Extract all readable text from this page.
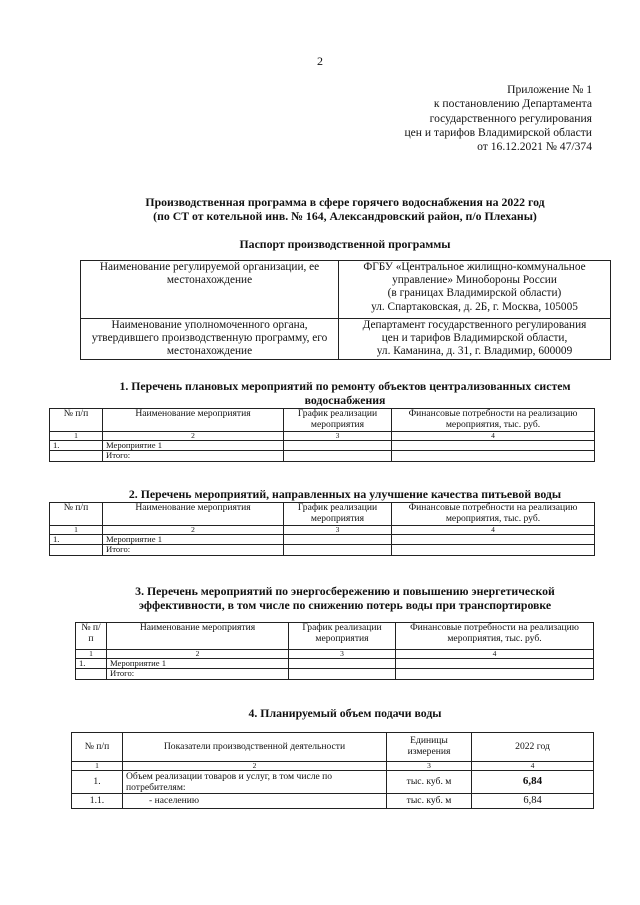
2
Приложение № 1
к постановлению Департамента
государственного регулирования
цен и тарифов Владимирской области
от 16.12.2021 № 47/374
Производственная программа в сфере горячего водоснабжения на 2022 год
(по СТ от котельной инв. № 164, Александровский район, п/о Плеханы)
Паспорт производственной программы
Наименование регулируемой организации, ее местонахождение	ФГБУ «Центральное жилищно-коммунальное
управление» Минобороны России
(в границах Владимирской области)
ул. Спартаковская, д. 2Б, г. Москва, 105005

Наименование уполномоченного органа, утвердившего производственную программу, его местонахождение	Департамент государственного регулирования
цен и тарифов Владимирской области,
ул. Каманина, д. 31, г. Владимир, 600009
1. Перечень плановых мероприятий по ремонту объектов централизованных систем
водоснабжения
№ п/п	Наименование мероприятия	График реализации мероприятия	Финансовые потребности на реализацию мероприятия, тыс. руб.
1	2	3	4
1.	Мероприятие 1		
	Итого:		
2. Перечень мероприятий, направленных на улучшение качества питьевой воды
№ п/п	Наименование мероприятия	График реализации мероприятия	Финансовые потребности на реализацию мероприятия, тыс. руб.
1	2	3	4
1.	Мероприятие 1		
	Итого:		
3. Перечень мероприятий по энергосбережению и повышению энергетической
эффективности, в том числе по снижению потерь воды при транспортировке
№ п/п	Наименование мероприятия	График реализации мероприятия	Финансовые потребности на реализацию мероприятия, тыс. руб.
1	2	3	4
1.	Мероприятие 1		
	Итого:		
4. Планируемый объем подачи воды
№ п/п	Показатели производственной деятельности	Единицы измерения	2022 год
1	2	3	4
1.	Объем реализации товаров и услуг, в том числе по потребителям:	тыс. куб. м	6,84
1.1.	- населению	тыс. куб. м	6,84
